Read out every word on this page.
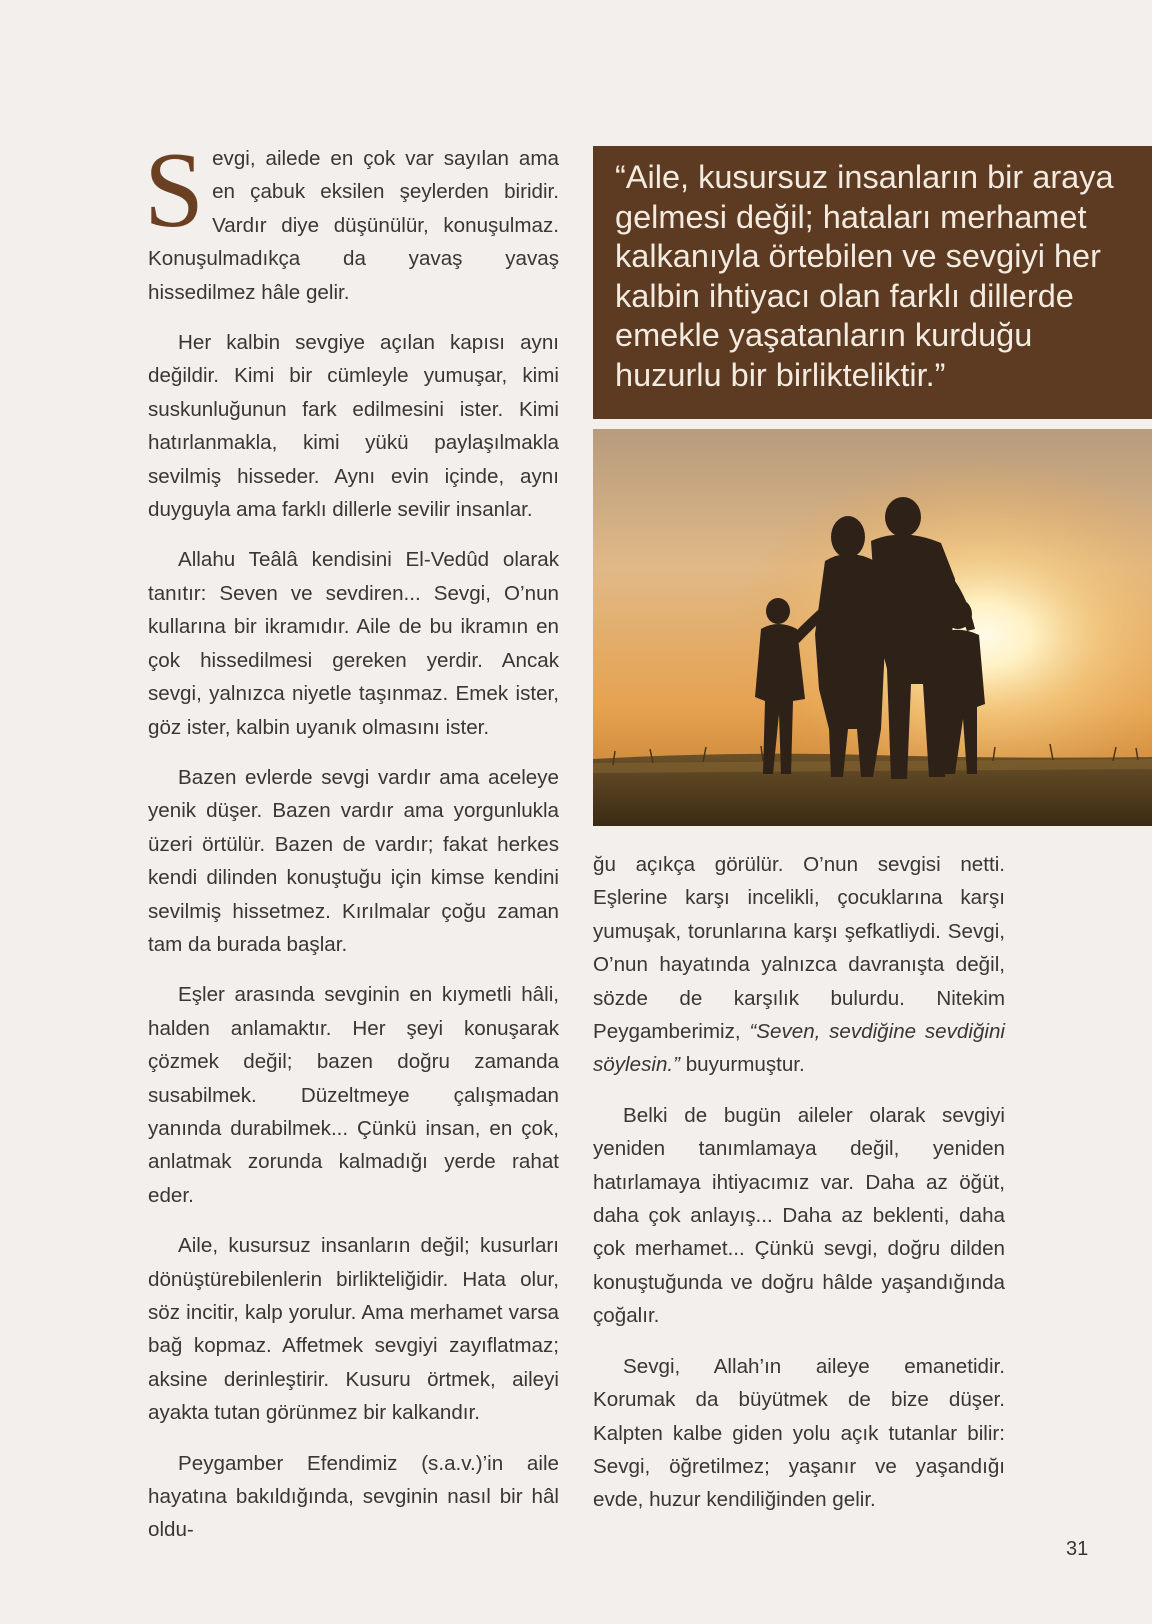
Sevgi, ailede en çok var sayılan ama en çabuk eksilen şeylerden biridir. Vardır diye düşünülür, konuşulmaz. Konuşulmadıkça da yavaş yavaş hissedilmez hâle gelir.

Her kalbin sevgiye açılan kapısı aynı değildir. Kimi bir cümleyle yumuşar, kimi suskunluğunun fark edilmesini ister. Kimi hatırlanmakla, kimi yükü paylaşılmakla sevilmiş hisseder. Aynı evin içinde, aynı duyguyla ama farklı dillerle sevilir insanlar.

Allahu Teâlâ kendisini El-Vedûd olarak tanıtır: Seven ve sevdiren... Sevgi, O’nun kullarına bir ikramıdır. Aile de bu ikramın en çok hissedilmesi gereken yerdir. Ancak sevgi, yalnızca niyetle taşınmaz. Emek ister, göz ister, kalbin uyanık olmasını ister.

Bazen evlerde sevgi vardır ama aceleye yenik düşer. Bazen vardır ama yorgunlukla üzeri örtülür. Bazen de vardır; fakat herkes kendi dilinden konuştuğu için kimse kendini sevilmiş hissetmez. Kırılmalar çoğu zaman tam da burada başlar.

Eşler arasında sevginin en kıymetli hâli, halden anlamaktır. Her şeyi konuşarak çözmek değil; bazen doğru zamanda susabilmek. Düzeltmeye çalışmadan yanında durabilmek... Çünkü insan, en çok, anlatmak zorunda kalmadığı yerde rahat eder.

Aile, kusursuz insanların değil; kusurları dönüştürebilenlerin birlikteliğidir. Hata olur, söz incitir, kalp yorulur. Ama merhamet varsa bağ kopmaz. Affetmek sevgiyi zayıflatmaz; aksine derinleştirir. Kusuru örtmek, aileyi ayakta tutan görünmez bir kalkandır.

Peygamber Efendimiz (s.a.v.)’in aile hayatına bakıldığında, sevginin nasıl bir hâl oldu-

“Aile, kusursuz insanların bir araya gelmesi değil; hataları merhamet kalkanıyla örtebilen ve sevgiyi her kalbin ihtiyacı olan farklı dillerde emekle yaşatanların kurduğu huzurlu bir birlikteliktir.”

ğu açıkça görülür. O’nun sevgisi netti. Eşlerine karşı incelikli, çocuklarına karşı yumuşak, torunlarına karşı şefkatliydi. Sevgi, O’nun hayatında yalnızca davranışta değil, sözde de karşılık bulurdu. Nitekim Peygamberimiz, “Seven, sevdiğine sevdiğini söylesin.” buyurmuştur.

Belki de bugün aileler olarak sevgiyi yeniden tanımlamaya değil, yeniden hatırlamaya ihtiyacımız var. Daha az öğüt, daha çok anlayış... Daha az beklenti, daha çok merhamet... Çünkü sevgi, doğru dilden konuştuğunda ve doğru hâlde yaşandığında çoğalır.

Sevgi, Allah’ın aileye emanetidir. Korumak da büyütmek de bize düşer. Kalpten kalbe giden yolu açık tutanlar bilir: Sevgi, öğretilmez; yaşanır ve yaşandığı evde, huzur kendiliğinden gelir.

31
